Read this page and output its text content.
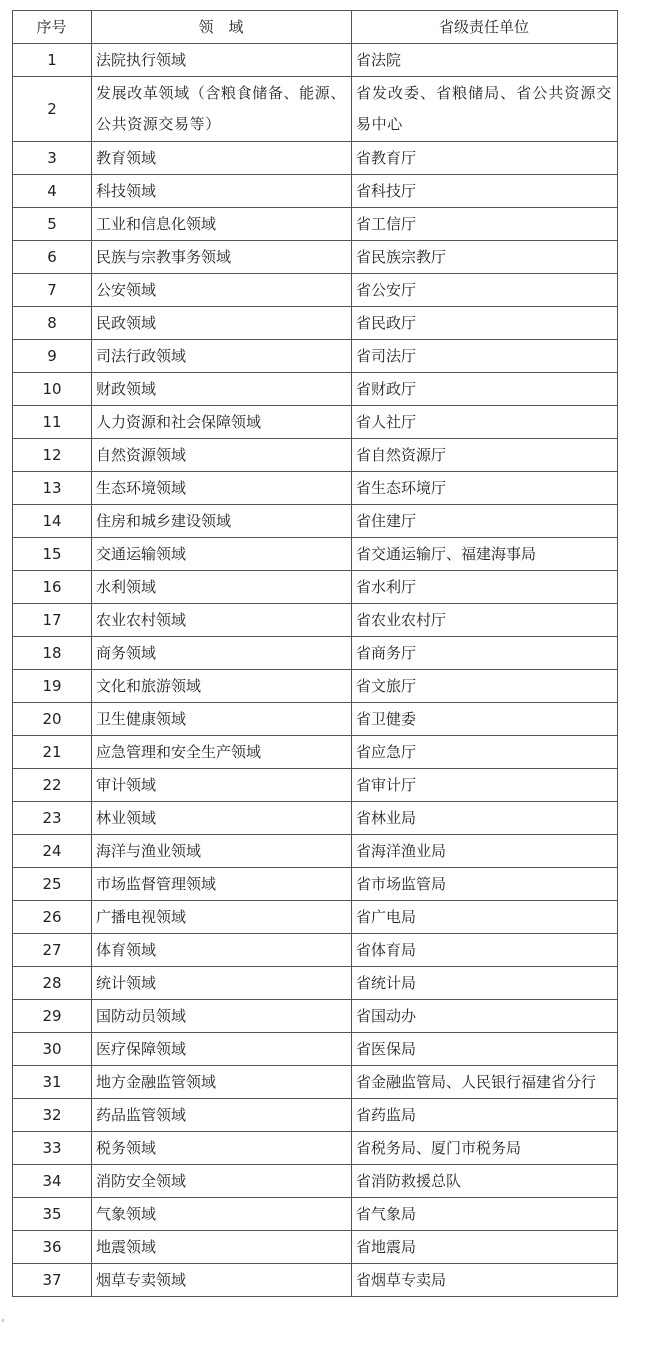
序号	领　域	省级责任单位
1	法院执行领域	省法院
2	发展改革领域（含粮食储备、能源、公共资源交易等）	省发改委、省粮储局、省公共资源交易中心
3	教育领域	省教育厅
4	科技领域	省科技厅
5	工业和信息化领域	省工信厅
6	民族与宗教事务领域	省民族宗教厅
7	公安领域	省公安厅
8	民政领域	省民政厅
9	司法行政领域	省司法厅
10	财政领域	省财政厅
11	人力资源和社会保障领域	省人社厅
12	自然资源领域	省自然资源厅
13	生态环境领域	省生态环境厅
14	住房和城乡建设领域	省住建厅
15	交通运输领域	省交通运输厅、福建海事局
16	水利领域	省水利厅
17	农业农村领域	省农业农村厅
18	商务领域	省商务厅
19	文化和旅游领域	省文旅厅
20	卫生健康领域	省卫健委
21	应急管理和安全生产领域	省应急厅
22	审计领域	省审计厅
23	林业领域	省林业局
24	海洋与渔业领域	省海洋渔业局
25	市场监督管理领域	省市场监管局
26	广播电视领域	省广电局
27	体育领域	省体育局
28	统计领域	省统计局
29	国防动员领域	省国动办
30	医疗保障领域	省医保局
31	地方金融监管领域	省金融监管局、人民银行福建省分行
32	药品监管领域	省药监局
33	税务领域	省税务局、厦门市税务局
34	消防安全领域	省消防救援总队
35	气象领域	省气象局
36	地震领域	省地震局
37	烟草专卖领域	省烟草专卖局
‹
